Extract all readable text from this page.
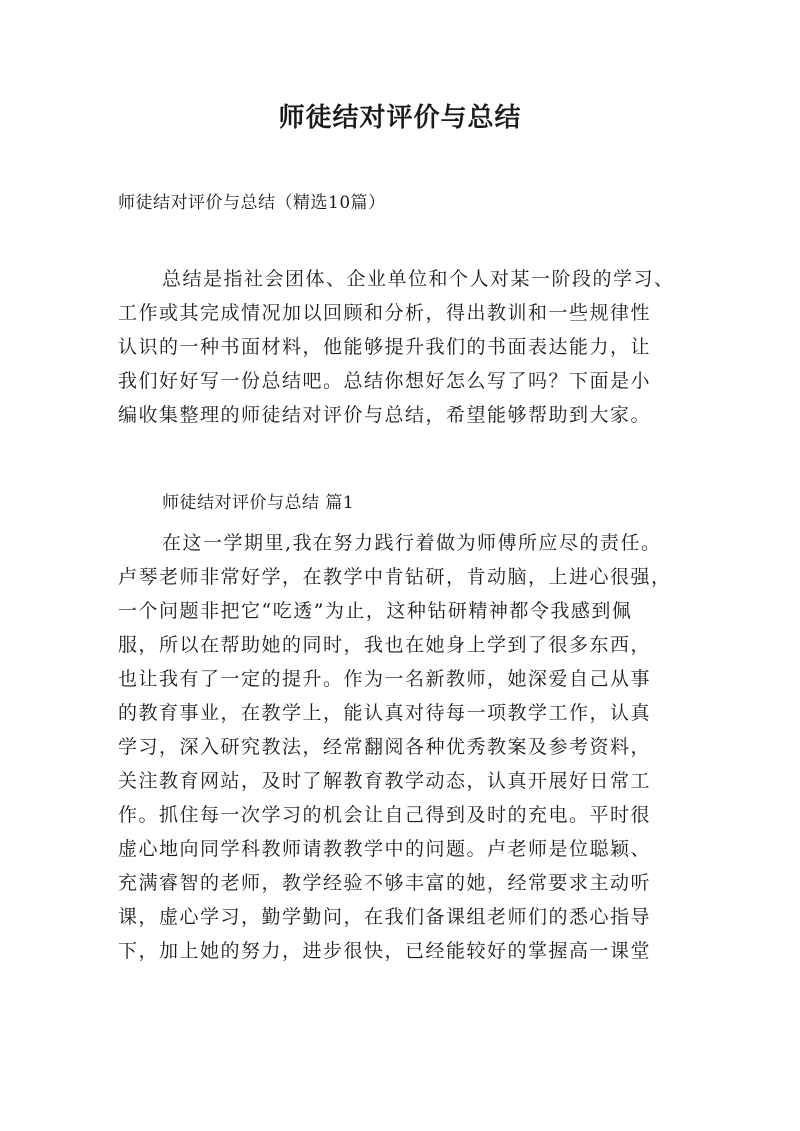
师徒结对评价与总结
师徒结对评价与总结（精选10篇）
总结是指社会团体、企业单位和个人对某一阶段的学习、
工作或其完成情况加以回顾和分析，得出教训和一些规律性
认识的一种书面材料，他能够提升我们的书面表达能力，让
我们好好写一份总结吧。总结你想好怎么写了吗？下面是小
编收集整理的师徒结对评价与总结，希望能够帮助到大家。
师徒结对评价与总结 篇1
在这一学期里,我在努力践行着做为师傅所应尽的责任。
卢琴老师非常好学，在教学中肯钻研，肯动脑，上进心很强，
一个问题非把它“吃透”为止，这种钻研精神都令我感到佩
服，所以在帮助她的同时，我也在她身上学到了很多东西，
也让我有了一定的提升。作为一名新教师，她深爱自己从事
的教育事业，在教学上，能认真对待每一项教学工作，认真
学习，深入研究教法，经常翻阅各种优秀教案及参考资料，
关注教育网站，及时了解教育教学动态，认真开展好日常工
作。抓住每一次学习的机会让自己得到及时的充电。平时很
虚心地向同学科教师请教教学中的问题。卢老师是位聪颖、
充满睿智的老师，教学经验不够丰富的她，经常要求主动听
课，虚心学习，勤学勤问，在我们备课组老师们的悉心指导
下，加上她的努力，进步很快，已经能较好的掌握高一课堂
